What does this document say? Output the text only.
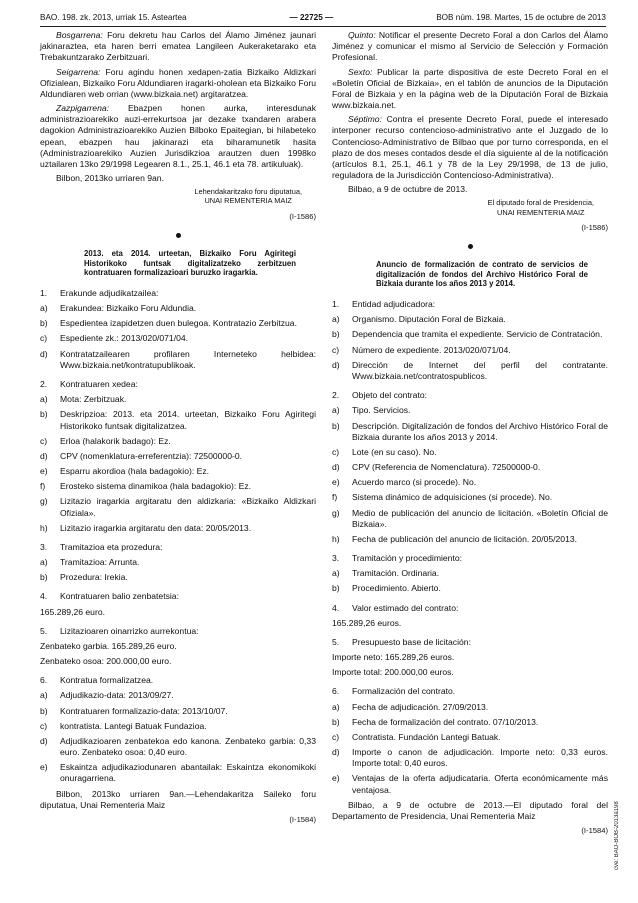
BAO. 198. zk. 2013, urriak 15. Asteartea	— 22725 —	BOB núm. 198. Martes, 15 de octubre de 2013

Bosgarrena: Foru dekretu hau Carlos del Álamo Jiménez jaunari jakinaraztea, eta haren berri ematea Langileen Aukeraketarako eta Trebakuntzarako Zerbitzuari.

Seigarrena: Foru agindu honen xedapen-zatia Bizkaiko Aldizkari Ofizialean, Bizkaiko Foru Aldundiaren iragarki-oholean eta Bizkaiko Foru Aldundiaren web orrian (www.bizkaia.net) argitaratzea.

Zazpigarrena: Ebazpen honen aurka, interesdunak administrazioarekiko auzi-errekurtsoa jar dezake txandaren arabera dagokion Administrazioarekiko Auzien Bilboko Epaitegian, bi hilabeteko epean, ebazpen hau jakinarazi eta biharamunetik hasita (Administrazioarekiko Auzien Jurisdikzioa arautzen duen 1998ko uztailaren 13ko 29/1998 Legearen 8.1., 25.1, 46.1 eta 78. artikuluak).

Bilbon, 2013ko urriaren 9an.

Lehendakaritzako foru diputatua,
UNAI REMENTERIA MAIZ
(I-1586)
2013. eta 2014. urteetan, Bizkaiko Foru Agiritegi Historikoko funtsak digitalizatzeko zerbitzuen kontratuaren formalizazioari buruzko iragarkia.
1.	Erakunde adjudikatzailea:
a)	Erakundea: Bizkaiko Foru Aldundia.
b)	Espedientea izapidetzen duen bulegoa. Kontratazio Zerbitzua.
c)	Espediente zk.: 2013/020/071/04.
d)	Kontratatzailearen profilaren Interneteko helbidea: Www.bizkaia.net/kontratupublikoak.
2.	Kontratuaren xedea:
a)	Mota: Zerbitzuak.
b)	Deskripzioa: 2013. eta 2014. urteetan, Bizkaiko Foru Agiritegi Historikoko funtsak digitalizatzea.
c)	Erloa (halakorik badago): Ez.
d)	CPV (nomenklatura-erreferentzia): 72500000-0.
e)	Esparru akordioa (hala badagokio): Ez.
f)	Erosteko sistema dinamikoa (hala badagokio): Ez.
g)	Lizitazio iragarkia argitaratu den aldizkaria: «Bizkaiko Aldizkari Ofiziala».
h)	Lizitazio iragarkia argitaratu den data: 20/05/2013.
3.	Tramitazioa eta prozedura:
a)	Tramitazioa: Arrunta.
b)	Prozedura: Irekia.
4.	Kontratuaren balio zenbatetsia:
165.289,26 euro.
5.	Lizitazioaren oinarrizko aurrekontua:
Zenbateko garbia. 165.289,26 euro.
Zenbateko osoa: 200.000,00 euro.
6.	Kontratua formalizatzea.
a)	Adjudikazio-data: 2013/09/27.
b)	Kontratuaren formalizazio-data: 2013/10/07.
c)	kontratista. Lantegi Batuak Fundazioa.
d)	Adjudikazioaren zenbatekoa edo kanona. Zenbateko garbia: 0,33 euro. Zenbateko osoa: 0,40 euro.
e)	Eskaintza adjudikaziodunaren abantailak: Eskaintza ekonomikoki onuragarriena.

Bilbon, 2013ko urriaren 9an.—Lehendakaritza Saileko foru diputatua, Unai Rementeria Maiz

(I-1584)

Quinto: Notificar el presente Decreto Foral a don Carlos del Álamo Jiménez y comunicar el mismo al Servicio de Selección y Formación Profesional.

Sexto: Publicar la parte dispositiva de este Decreto Foral en el «Boletín Oficial de Bizkaia», en el tablón de anuncios de la Diputación Foral de Bizkaia y en la página web de la Diputación Foral de Bizkaia www.bizkaia.net.

Séptimo: Contra el presente Decreto Foral, puede el interesado interponer recurso contencioso-administrativo ante el Juzgado de lo Contencioso-Administrativo de Bilbao que por turno corresponda, en el plazo de dos meses contados desde el día siguiente al de la notificación (artículos 8.1, 25.1, 46.1 y 78 de la Ley 29/1998, de 13 de julio, reguladora de la Jurisdicción Contencioso-Administrativa).

Bilbao, a 9 de octubre de 2013.

El diputado foral de Presidencia,
UNAI REMENTERIA MAIZ
(I-1586)
Anuncio de formalización de contrato de servicios de digitalización de fondos del Archivo Histórico Foral de Bizkaia durante los años 2013 y 2014.
1.	Entidad adjudicadora:
a)	Organismo. Diputación Foral de Bizkaia.
b)	Dependencia que tramita el expediente. Servicio de Contratación.
c)	Número de expediente. 2013/020/071/04.
d)	Dirección de Internet del perfil del contratante. Www.bizkaia.net/contratospublicos.
2.	Objeto del contrato:
a)	Tipo. Servicios.
b)	Descripción. Digitalización de fondos del Archivo Histórico Foral de Bizkaia durante los años 2013 y 2014.
c)	Lote (en su caso). No.
d)	CPV (Referencia de Nomenclatura). 72500000-0.
e)	Acuerdo marco (si procede). No.
f)	Sistema dinámico de adquisiciones (si procede). No.
g)	Medio de publicación del anuncio de licitación. «Boletín Oficial de Bizkaia».
h)	Fecha de publicación del anuncio de licitación. 20/05/2013.
3.	Tramitación y procedimiento:
a)	Tramitación. Ordinaria.
b)	Procedimiento. Abierto.
4.	Valor estimado del contrato:
165.289,26 euros.
5.	Presupuesto base de licitación:
Importe neto: 165.289,26 euros.
Importe total: 200.000,00 euros.
6.	Formalización del contrato.
a)	Fecha de adjudicación. 27/09/2013.
b)	Fecha de formalización del contrato. 07/10/2013.
c)	Contratista. Fundación Lantegi Batuak.
d)	Importe o canon de adjudicación. Importe neto: 0,33 euros. Importe total: 0,40 euros.
e)	Ventajas de la oferta adjudicataria. Oferta económicamente más ventajosa.

Bilbao, a 9 de octubre de 2013.—El diputado foral del Departamento de Presidencia, Unai Rementeria Maiz

(I-1584) cve: BAO-BOB-2013a198
